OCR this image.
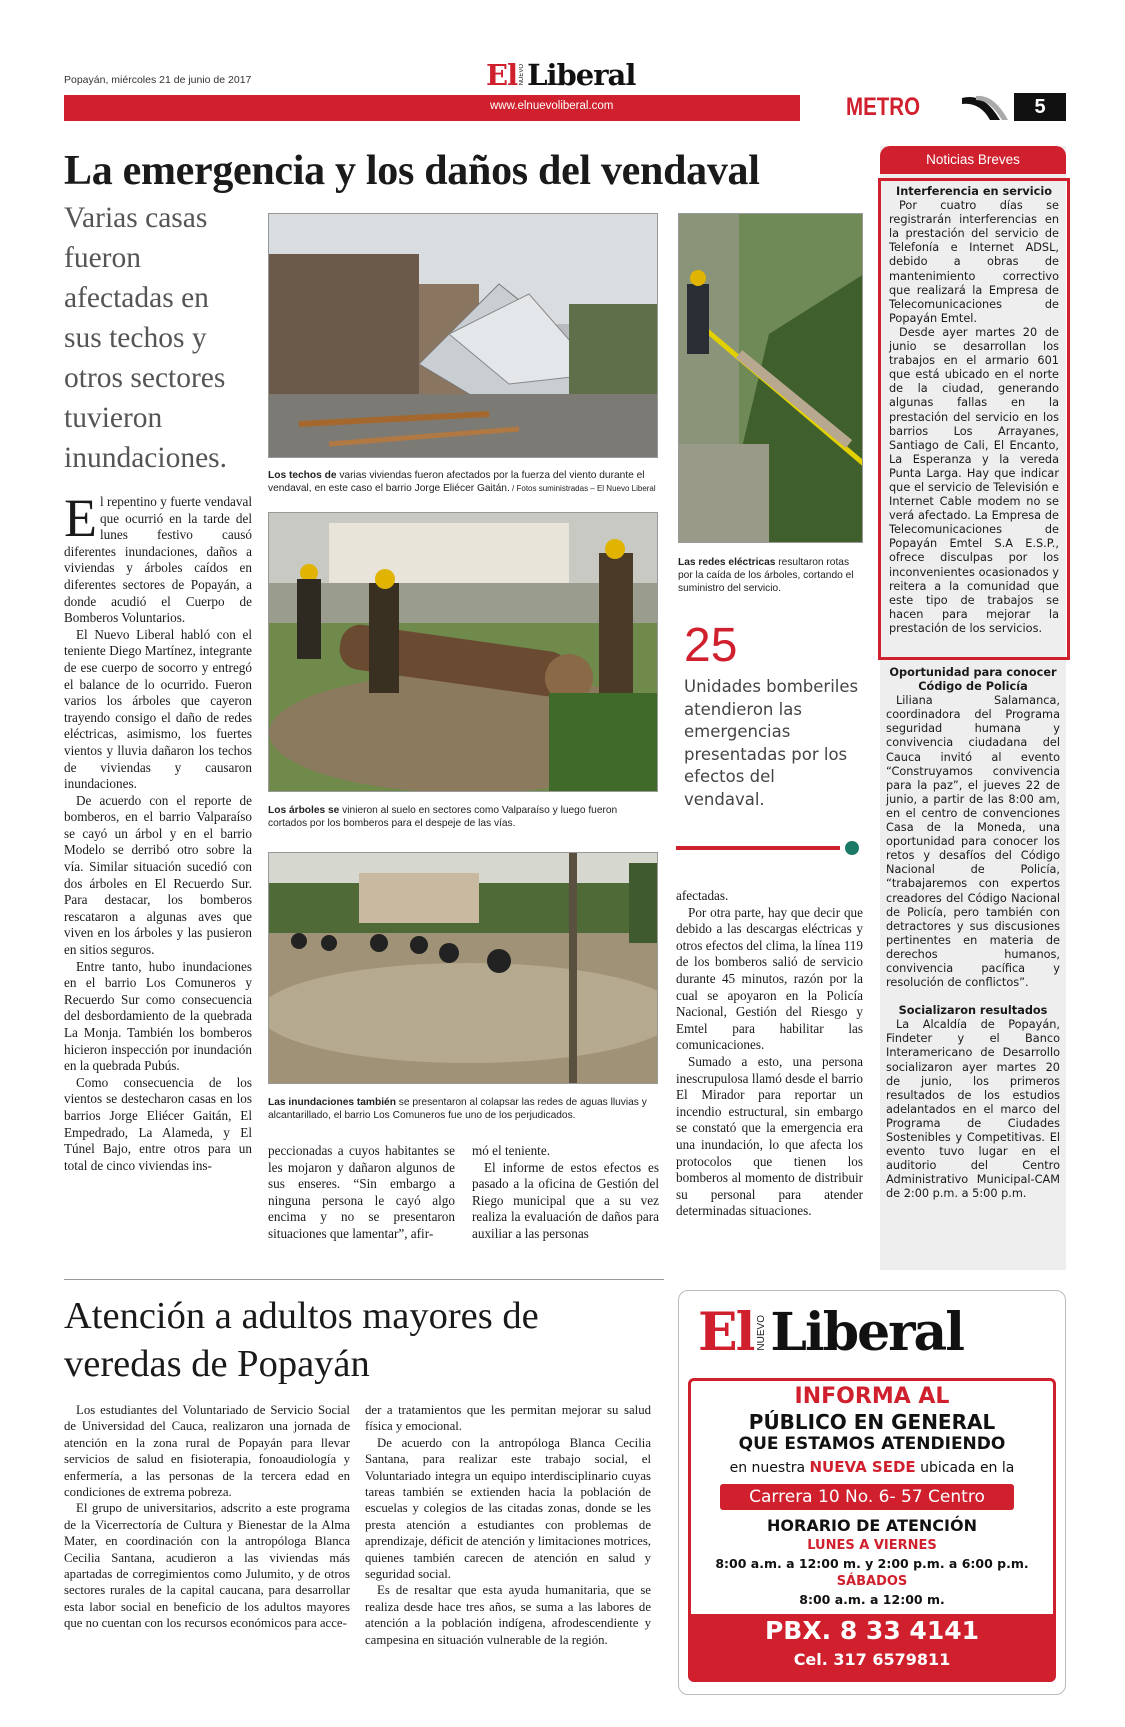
Popayán, miércoles 21 de junio de 2017	El NUEVO Liberal
www.elnuevoliberal.com	METRO	5
La emergencia y los daños del vendaval
Varias casas fueron afectadas en sus techos y otros sectores tuvieron inundaciones.
El repentino y fuerte vendaval que ocurrió en la tarde del lunes festivo causó diferentes inundaciones, daños a viviendas y árboles caídos en diferentes sectores de Popayán, a donde acudió el Cuerpo de Bomberos Voluntarios.

El Nuevo Liberal habló con el teniente Diego Martínez, integrante de ese cuerpo de socorro y entregó el balance de lo ocurrido. Fueron varios los árboles que cayeron trayendo consigo el daño de redes eléctricas, asimismo, los fuertes vientos y lluvia dañaron los techos de viviendas y causaron inundaciones.

De acuerdo con el reporte de bomberos, en el barrio Valparaíso se cayó un árbol y en el barrio Modelo se derribó otro sobre la vía. Similar situación sucedió con dos árboles en El Recuerdo Sur. Para destacar, los bomberos rescataron a algunas aves que viven en los árboles y las pusieron en sitios seguros.

Entre tanto, hubo inundaciones en el barrio Los Comuneros y Recuerdo Sur como consecuencia del desbordamiento de la quebrada La Monja. También los bomberos hicieron inspección por inundación en la quebrada Pubús.

Como consecuencia de los vientos se destecharon casas en los barrios Jorge Eliécer Gaitán, El Empedrado, La Alameda, y El Túnel Bajo, entre otros para un total de cinco viviendas ins-

Los techos de varias viviendas fueron afectados por la fuerza del viento durante el vendaval, en este caso el barrio Jorge Eliécer Gaitán. / Fotos suministradas – El Nuevo Liberal
Los árboles se vinieron al suelo en sectores como Valparaíso y luego fueron cortados por los bomberos para el despeje de las vías.
Las inundaciones también se presentaron al colapsar las redes de aguas lluvias y alcantarillado, el barrio Los Comuneros fue uno de los perjudicados.
Las redes eléctricas resultaron rotas por la caída de los árboles, cortando el suministro del servicio.
25
Unidades bomberiles atendieron las emergencias presentadas por los efectos del vendaval.
peccionadas a cuyos habitantes se les mojaron y dañaron algunos de sus enseres. “Sin embargo a ninguna persona le cayó algo encima y no se presentaron situaciones que lamentar”, afir-
mó el teniente.

El informe de estos efectos es pasado a la oficina de Gestión del Riego municipal que a su vez realiza la evaluación de daños para auxiliar a las personas

afectadas.

Por otra parte, hay que decir que debido a las descargas eléctricas y otros efectos del clima, la línea 119 de los bomberos salió de servicio durante 45 minutos, razón por la cual se apoyaron en la Policía Nacional, Gestión del Riesgo y Emtel para habilitar las comunicaciones.

Sumado a esto, una persona inescrupulosa llamó desde el barrio El Mirador para reportar un incendio estructural, sin embargo se constató que la emergencia era una inundación, lo que afecta los protocolos que tienen los bomberos al momento de distribuir su personal para atender determinadas situaciones.

Noticias Breves
Interferencia en servicio

Por cuatro días se registrarán interferencias en la prestación del servicio de Telefonía e Internet ADSL, debido a obras de mantenimiento correctivo que realizará la Empresa de Telecomunicaciones de Popayán Emtel.

Desde ayer martes 20 de junio se desarrollan los trabajos en el armario 601 que está ubicado en el norte de la ciudad, generando algunas fallas en la prestación del servicio en los barrios Los Arrayanes, Santiago de Cali, El Encanto, La Esperanza y la vereda Punta Larga. Hay que indicar que el servicio de Televisión e Internet Cable modem no se verá afectado. La Empresa de Telecomunicaciones de Popayán Emtel S.A E.S.P., ofrece disculpas por los inconvenientes ocasionados y reitera a la comunidad que este tipo de trabajos se hacen para mejorar la prestación de los servicios.

Oportunidad para conocer Código de Policía

Liliana Salamanca, coordinadora del Programa seguridad humana y convivencia ciudadana del Cauca invitó al evento “Construyamos convivencia para la paz”, el jueves 22 de junio, a partir de las 8:00 am, en el centro de convenciones Casa de la Moneda, una oportunidad para conocer los retos y desafíos del Código Nacional de Policía, “trabajaremos con expertos creadores del Código Nacional de Policía, pero también con detractores y sus discusiones pertinentes en materia de derechos humanos, convivencia pacífica y resolución de conflictos”.

Socializaron resultados

La Alcaldía de Popayán, Findeter y el Banco Interamericano de Desarrollo socializaron ayer martes 20 de junio, los primeros resultados de los estudios adelantados en el marco del Programa de Ciudades Sostenibles y Competitivas. El evento tuvo lugar en el auditorio del Centro Administrativo Municipal-CAM de 2:00 p.m. a 5:00 p.m.

Atención a adultos mayores de veredas de Popayán

Los estudiantes del Voluntariado de Servicio Social de Universidad del Cauca, realizaron una jornada de atención en la zona rural de Popayán para llevar servicios de salud en fisioterapia, fonoaudiología y enfermería, a las personas de la tercera edad en condiciones de extrema pobreza.

El grupo de universitarios, adscrito a este programa de la Vicerrectoría de Cultura y Bienestar de la Alma Mater, en coordinación con la antropóloga Blanca Cecilia Santana, acudieron a las viviendas más apartadas de corregimientos como Julumito, y de otros sectores rurales de la capital caucana, para desarrollar esta labor social en beneficio de los adultos mayores que no cuentan con los recursos económicos para acce-

der a tratamientos que les permitan mejorar su salud física y emocional.

De acuerdo con la antropóloga Blanca Cecilia Santana, para realizar este trabajo social, el Voluntariado integra un equipo interdisciplinario cuyas tareas también se extienden hacia la población de escuelas y colegios de las citadas zonas, donde se les presta atención a estudiantes con problemas de aprendizaje, déficit de atención y limitaciones motrices, quienes también carecen de atención en salud y seguridad social.

Es de resaltar que esta ayuda humanitaria, que se realiza desde hace tres años, se suma a las labores de atención a la población indígena, afrodescendiente y campesina en situación vulnerable de la región.

El NUEVO Liberal
INFORMA AL
PÚBLICO EN GENERAL
QUE ESTAMOS ATENDIENDO
en nuestra NUEVA SEDE ubicada en la
Carrera 10 No. 6- 57 Centro
HORARIO DE ATENCIÓN
LUNES A VIERNES
8:00 a.m. a 12:00 m. y 2:00 p.m. a 6:00 p.m.
SÁBADOS
8:00 a.m. a 12:00 m.
PBX. 8 33 4141
Cel. 317 6579811
